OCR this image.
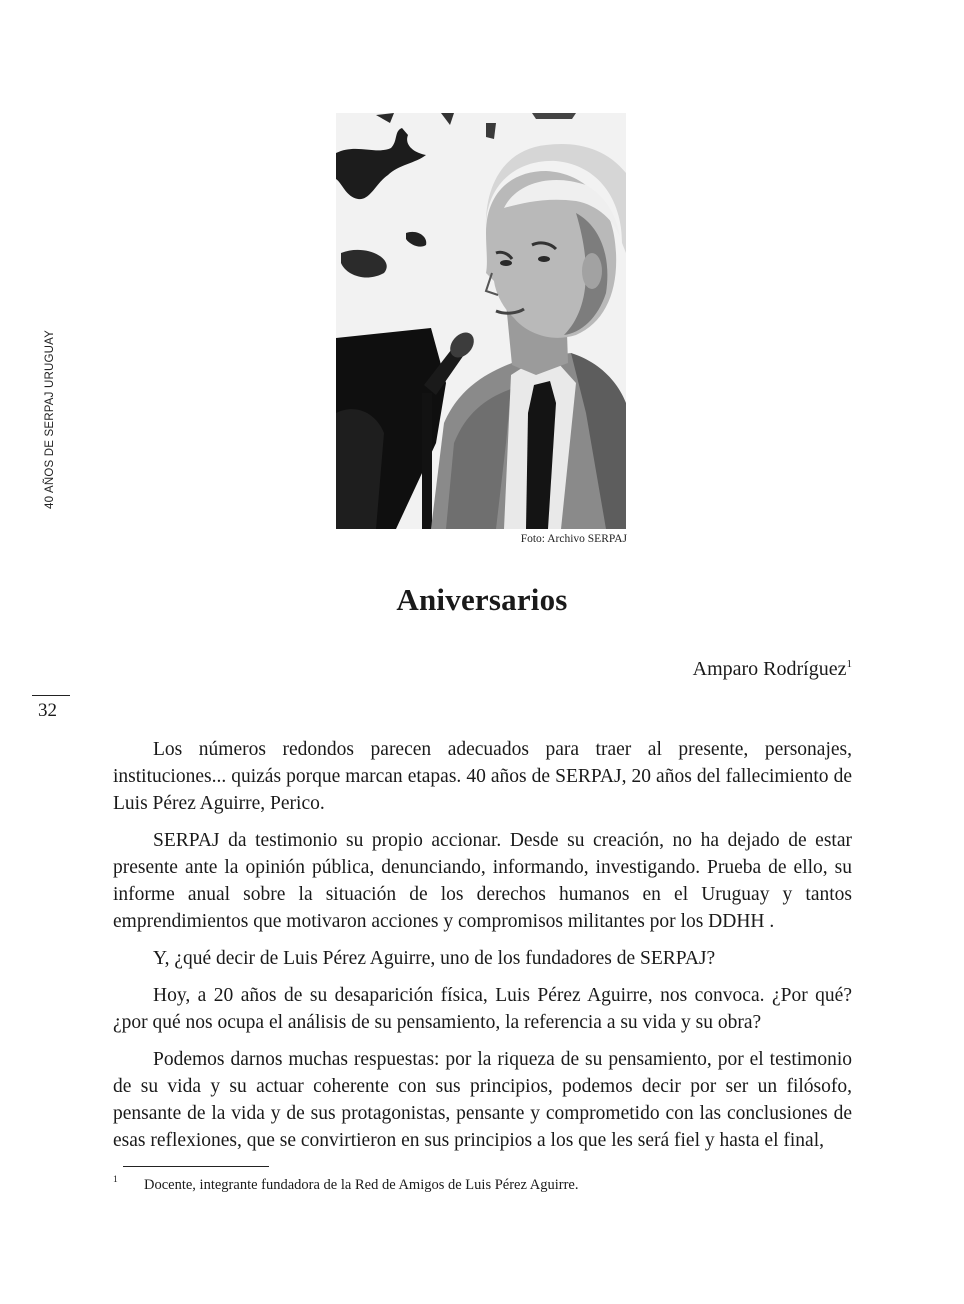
40 AÑOS DE SERPAJ URUGUAY
32
Foto: Archivo SERPAJ
Aniversarios
Amparo Rodríguez$^1$

Los números redondos parecen adecuados para traer al presente, personajes, instituciones... quizás porque marcan etapas. 40 años de SERPAJ, 20 años del fallecimiento de Luis Pérez Aguirre, Perico.

SERPAJ da testimonio su propio accionar. Desde su creación, no ha dejado de estar presente ante la opinión pública, denunciando, informando, investigando. Prueba de ello, su informe anual sobre la situación de los derechos humanos en el Uruguay y tantos emprendimientos que motivaron acciones y compromisos militantes por los DDHH .

Y, ¿qué decir de Luis Pérez Aguirre, uno de los fundadores de SERPAJ?

Hoy, a 20 años de su desaparición física, Luis Pérez Aguirre, nos convoca. ¿Por qué? ¿por qué nos ocupa el análisis de su pensamiento, la referencia a su vida y su obra?

Podemos darnos muchas respuestas: por la riqueza de su pensamiento, por el testimonio de su vida y su actuar coherente con sus principios, podemos decir por ser un filósofo, pensante de la vida y de sus protagonistas, pensante y comprometido con las conclusiones de esas reflexiones, que se convirtieron en sus principios a los que les será fiel y hasta el final,

1 Docente, integrante fundadora de la Red de Amigos de Luis Pérez Aguirre.
